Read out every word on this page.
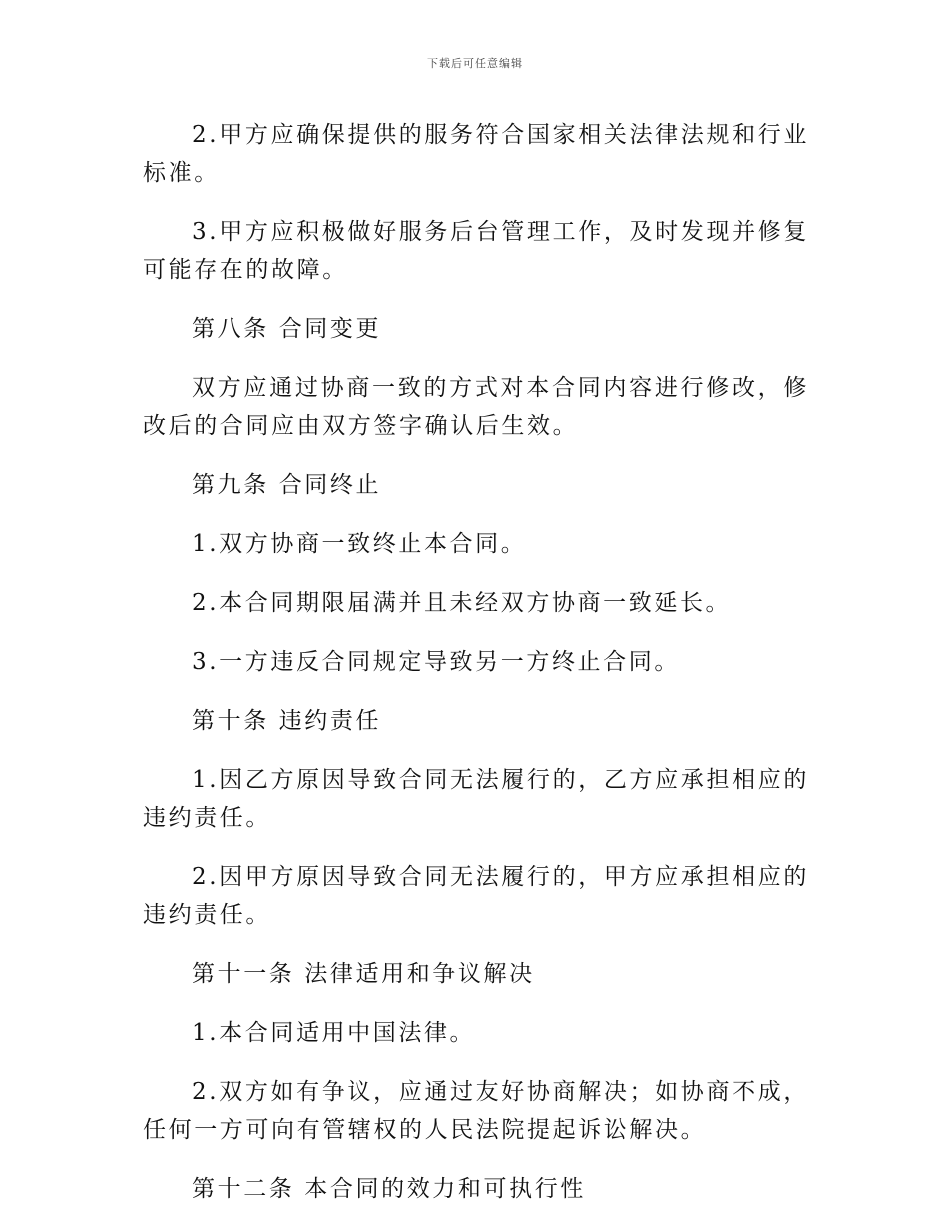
下载后可任意编辑

2.甲方应确保提供的服务符合国家相关法律法规和行业标准。

3.甲方应积极做好服务后台管理工作，及时发现并修复可能存在的故障。

第八条 合同变更

双方应通过协商一致的方式对本合同内容进行修改，修改后的合同应由双方签字确认后生效。

第九条 合同终止

1.双方协商一致终止本合同。

2.本合同期限届满并且未经双方协商一致延长。

3.一方违反合同规定导致另一方终止合同。

第十条 违约责任

1.因乙方原因导致合同无法履行的，乙方应承担相应的违约责任。

2.因甲方原因导致合同无法履行的，甲方应承担相应的违约责任。

第十一条 法律适用和争议解决

1.本合同适用中国法律。

2.双方如有争议，应通过友好协商解决；如协商不成，任何一方可向有管辖权的人民法院提起诉讼解决。

第十二条 本合同的效力和可执行性
